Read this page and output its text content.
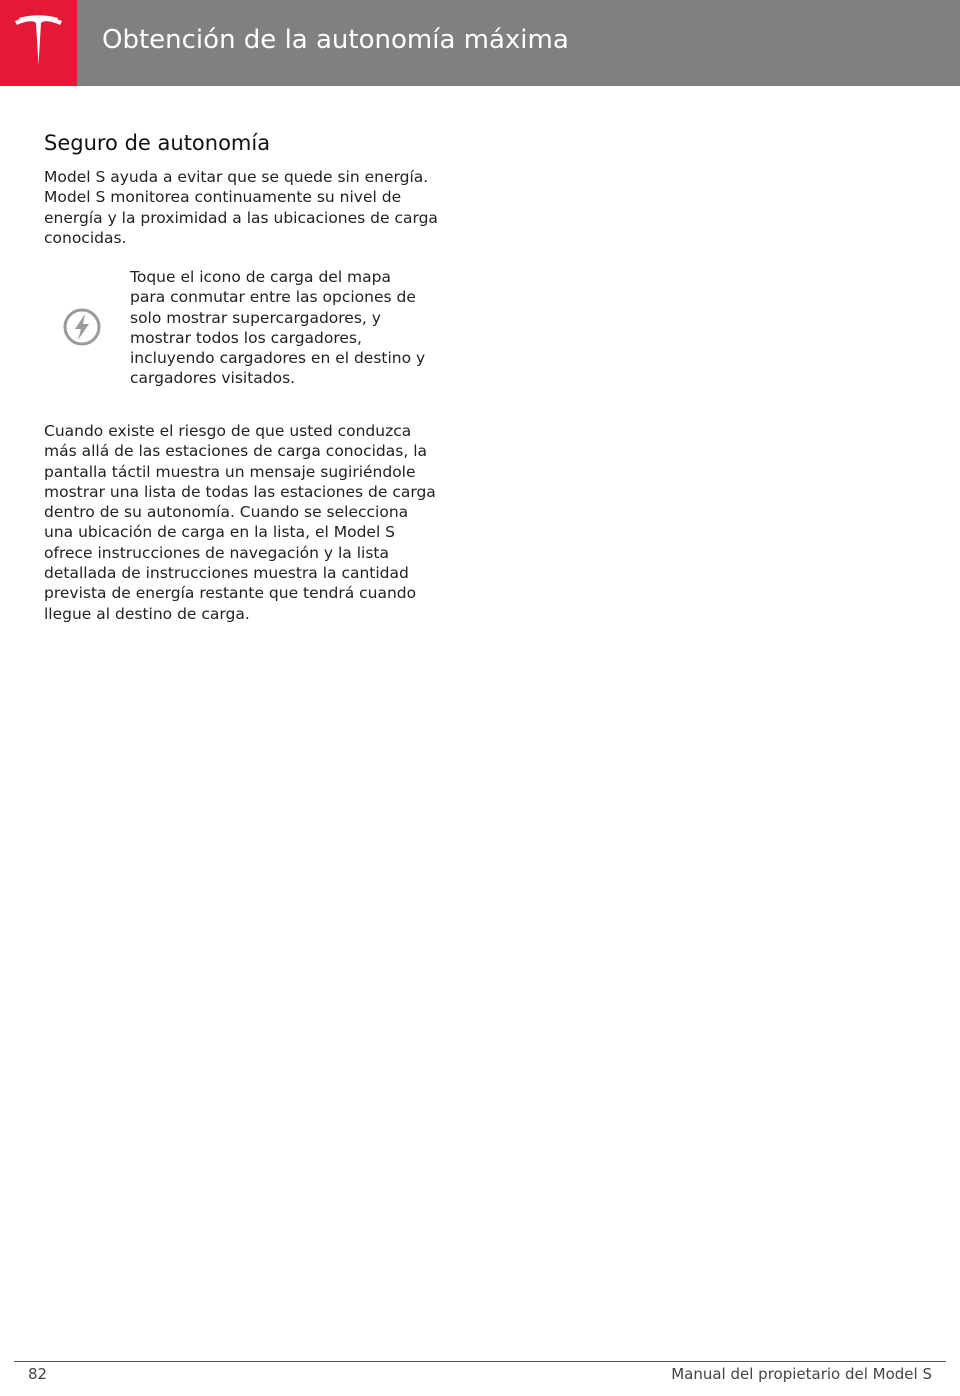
Obtención de la autonomía máxima
Seguro de autonomía

Model S ayuda a evitar que se quede sin energía. Model S monitorea continuamente su nivel de energía y la proximidad a las ubicaciones de carga conocidas.

Toque el icono de carga del mapa para conmutar entre las opciones de solo mostrar supercargadores, y mostrar todos los cargadores, incluyendo cargadores en el destino y cargadores visitados.

Cuando existe el riesgo de que usted conduzca más allá de las estaciones de carga conocidas, la pantalla táctil muestra un mensaje sugiriéndole mostrar una lista de todas las estaciones de carga dentro de su autonomía. Cuando se selecciona una ubicación de carga en la lista, el Model S ofrece instrucciones de navegación y la lista detallada de instrucciones muestra la cantidad prevista de energía restante que tendrá cuando llegue al destino de carga.

82	Manual del propietario del Model S
